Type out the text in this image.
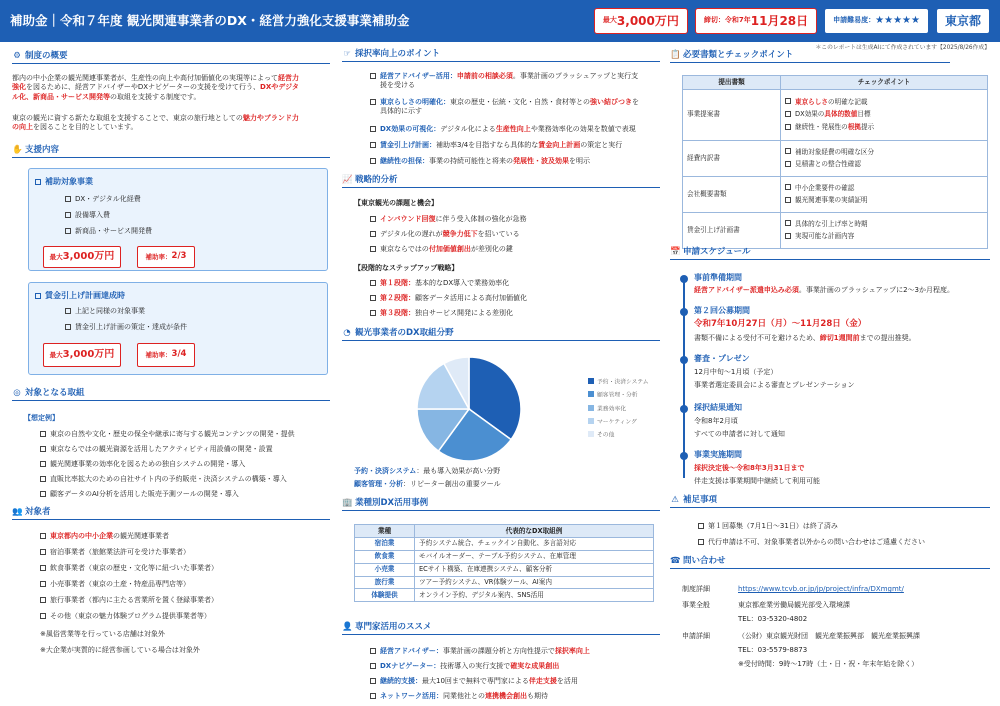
補助金｜令和７年度 観光関連事業者のDX・経営力強化支援事業補助金	最大 3,000万円	締切：令和7年 11月28日	申請難易度： ★★★★★	東京都
⚙ 制度の概要
都内の中小企業の観光関連事業者が、生産性の向上や高付加価値化の実現等によって経営力
強化を図るために、経営アドバイザーやDXナビゲーターの支援を受けて行う、DXやデジタ
ル化、新商品・サービス開発等の取組を支援する制度です。
東京の観光に資する新たな取組を支援することで、東京の旅行地としての魅力やブランド力
の向上を図ることを目的としています。
✋ 支援内容
補助対象事業
DX・デジタル化経費
設備導入費
新商品・サービス開発費
最大 3,000万円	補助率： 2/3
賃金引上げ計画達成時
上記と同様の対象事業
賃金引上げ計画の策定・達成が条件
最大 3,000万円	補助率： 3/4
◎ 対象となる取組
【想定例】
東京の自然や文化・歴史の保全や継承に寄与する観光コンテンツの開発・提供
東京ならではの観光資源を活用したアクティビティ用設備の開発・設置
観光関連事業の効率化を図るための独自システムの開発・導入
直販比率拡大のための自社サイト内の予約販売・決済システムの構築・導入
顧客データのAI分析を活用した販売予測ツールの開発・導入
👥 対象者
東京都内の中小企業の観光関連事業者
宿泊事業者（旅館業法許可を受けた事業者）
飲食事業者（東京の歴史・文化等に紐づいた事業者）
小売事業者（東京の土産・特産品専門店等）
旅行事業者（都内に主たる営業所を置く登録事業者）
その他（東京の魅力体験プログラム提供事業者等）
※風俗営業等を行っている店舗は対象外
※大企業が実質的に経営参画している場合は対象外
☞ 採択率向上のポイント
経営アドバイザー活用：申請前の相談必須。事業計画のブラッシュアップと実行支
援を受ける
東京らしさの明確化：東京の歴史・伝統・文化・自然・食材等との強い結びつきを
具体的に示す
DX効果の可視化：デジタル化による生産性向上や業務効率化の効果を数値で表現
賃金引上げ計画：補助率3/4を目指すなら具体的な賃金向上計画の策定と実行
継続性の担保：事業の持続可能性と将来の発展性・波及効果を明示
📈 戦略的分析
【東京観光の課題と機会】
インバウンド回復に伴う受入体制の強化が急務
デジタル化の遅れが競争力低下を招いている
東京ならではの付加価値創出が差別化の鍵
【段階的なステップアップ戦略】
第１段階：基本的なDX導入で業務効率化
第２段階：顧客データ活用による高付加価値化
第３段階：独自サービス開発による差別化
◔ 観光事業者のDX取組分野
予約・決済システム
顧客管理・分析
業務効率化
マーケティング
その他
予約・決済システム：最も導入効果が高い分野
顧客管理・分析：リピーター創出の重要ツール
🏢 業種別DX活用事例
業種	代表的なDX取組例
宿泊業	予約システム統合、チェックイン自動化、多言語対応
飲食業	モバイルオーダー、テーブル予約システム、在庫管理
小売業	ECサイト構築、在庫連携システム、顧客分析
旅行業	ツアー予約システム、VR体験ツール、AI案内
体験提供	オンライン予約、デジタル案内、SNS活用
👤 専門家活用のススメ
経営アドバイザー：事業計画の課題分析と方向性提示で採択率向上
DXナビゲーター：技術導入の実行支援で確実な成果創出
継続的支援：最大10回まで無料で専門家による伴走支援を活用
ネットワーク活用：同業他社との連携機会創出も期待
＊このレポートは生成AIにて作成されています【2025/8/26作成】
📋 必要書類とチェックポイント
提出書類	チェックポイント
事業提案書	東京らしさの明確な記載
DX効果の具体的数値目標
継続性・発展性の根拠提示

経費内訳書	補助対象経費の明確な区分
見積書との整合性確認

会社概要書類	中小企業要件の確認
観光関連事業の実績証明

賃金引上げ計画書	具体的な引上げ率と時期
実現可能な計画内容
📅 申請スケジュール
事前準備期間
経営アドバイザー派遣申込み必須。事業計画のブラッシュアップに2〜3か月程度。
第２回公募期間
令和7年10月27日（月）〜11月28日（金）
書類不備による受付不可を避けるため、締切1週間前までの提出推奨。
審査・プレゼン
12月中旬〜1月頃（予定）
事業者選定委員会による審査とプレゼンテーション
採択結果通知
令和8年2月頃
すべての申請者に対して通知
事業実施期間
採択決定後〜令和8年3月31日まで
伴走支援は事業期間中継続して利用可能
⚠ 補足事項
第１回募集（7月1日〜31日）は終了済み
代行申請は不可、対象事業者以外からの問い合わせはご遠慮ください
☎ 問い合わせ
制度詳細	https://www.tcvb.or.jp/jp/project/infra/DXmgmt/
事業全般	東京都産業労働局観光部受入環境課
TEL：03-5320-4802
申請詳細	（公財）東京観光財団　観光産業振興部　観光産業振興課
TEL：03-5579-8873
※受付時間：9時〜17時（土・日・祝・年末年始を除く）
